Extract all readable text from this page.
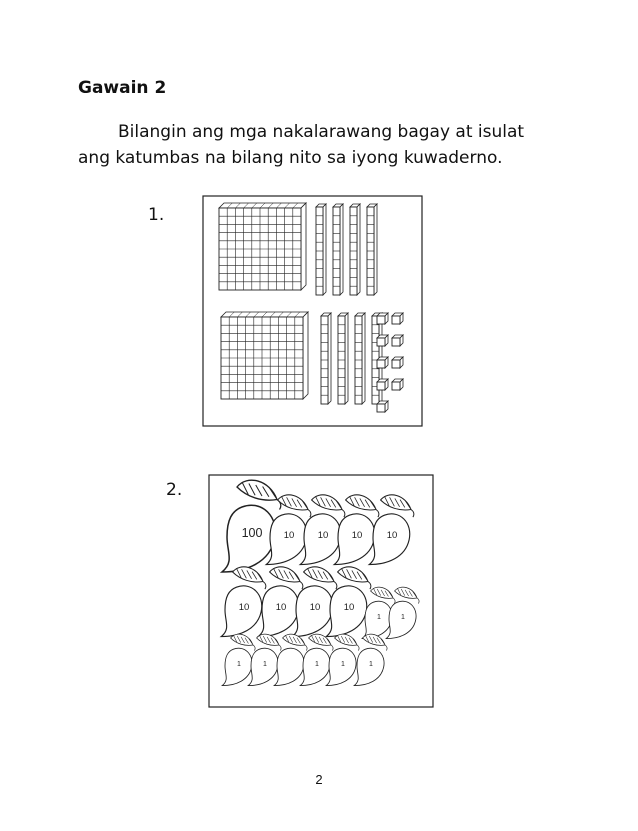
Gawain 2
Bilangin ang mga nakalarawang bagay at isulat
ang katumbas na bilang nito sa iyong kuwaderno.
1.
2.
100 10 10 10 10
10	10 10 10
1 1
1 1	1 1 1
2
